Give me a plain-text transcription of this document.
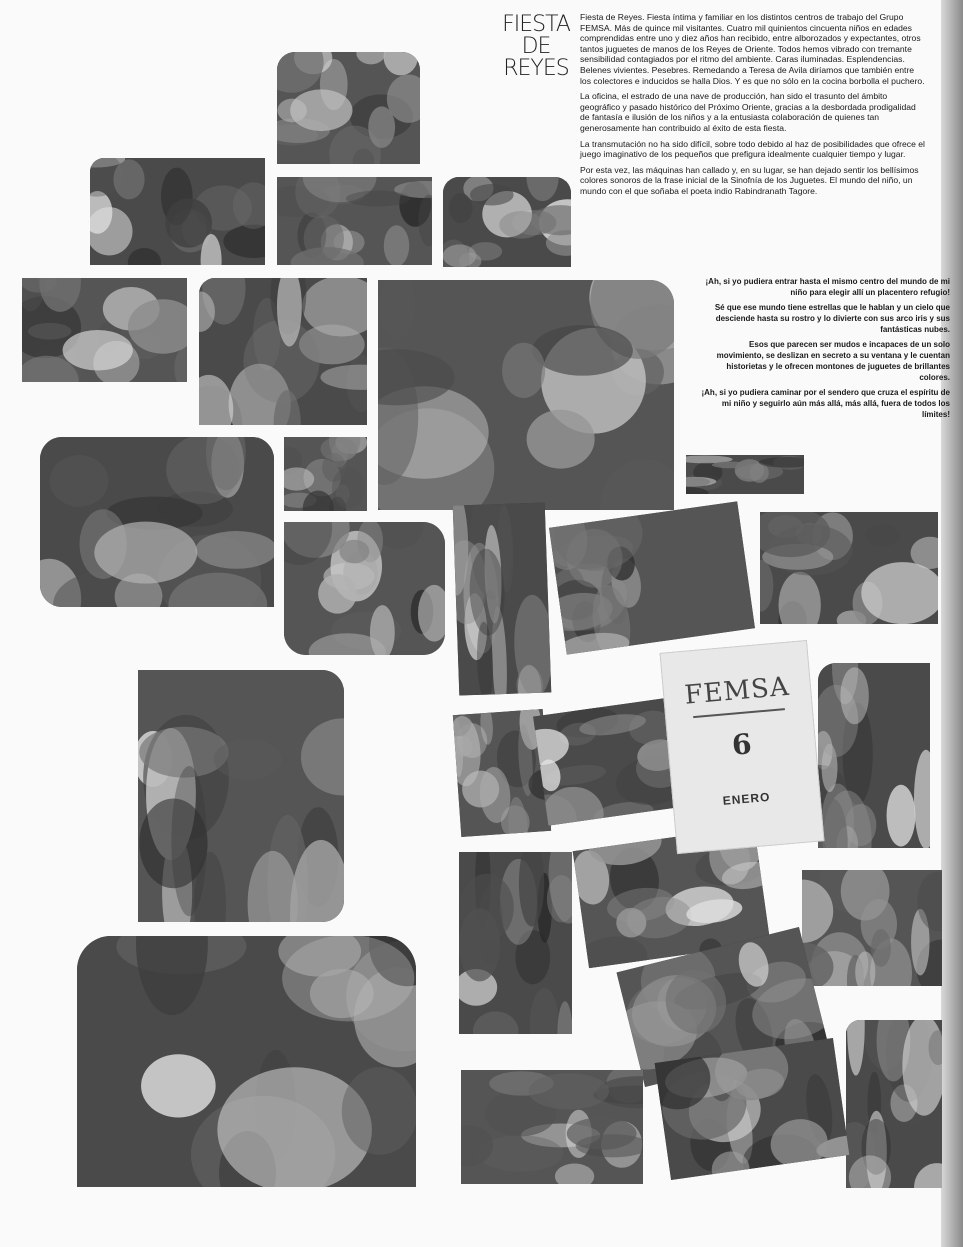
FIESTA
DE
REYES

Fiesta de Reyes. Fiesta íntima y familiar en los distintos centros de trabajo del Grupo FEMSA. Más de quince mil visitantes. Cuatro mil quinientos cincuenta niños en edades comprendidas entre uno y diez años han recibido, entre alborozados y expectantes, otros tantos juguetes de manos de los Reyes de Oriente. Todos hemos vibrado con tremante sensibilidad contagiados por el ritmo del ambiente. Caras iluminadas. Esplendencias. Belenes vivientes. Pesebres. Remedando a Teresa de Avila diríamos que también entre los colectores e inducidos se halla Dios. Y es que no sólo en la cocina borbolla el puchero.

La oficina, el estrado de una nave de producción, han sido el trasunto del ámbito geográfico y pasado histórico del Próximo Oriente, gracias a la desbordada prodigalidad de fantasía e ilusión de los niños y a la entusiasta colaboración de quienes tan generosamente han contribuido al éxito de esta fiesta.

La transmutación no ha sido difícil, sobre todo debido al haz de posibilidades que ofrece el juego imaginativo de los pequeños que prefigura idealmente cualquier tiempo y lugar.

Por esta vez, las máquinas han callado y, en su lugar, se han dejado sentir los bellísimos colores sonoros de la frase inicial de la Sinofnía de los Juguetes. El mundo del niño, un mundo con el que soñaba el poeta indio Rabindranath Tagore.

¡Ah, si yo pudiera entrar hasta el mismo centro del mundo de mi niño para elegir allí un placentero refugio!

Sé que ese mundo tiene estrellas que le hablan y un cielo que desciende hasta su rostro y lo divierte con sus arco iris y sus fantásticas nubes.

Esos que parecen ser mudos e incapaces de un solo movimiento, se deslizan en secreto a su ventana y le cuentan historietas y le ofrecen montones de juguetes de brillantes colores.

¡Ah, si yo pudiera caminar por el sendero que cruza el espíritu de mi niño y seguirlo aún más allá, más allá, fuera de todos los límites!

FEMSA
6
ENERO
